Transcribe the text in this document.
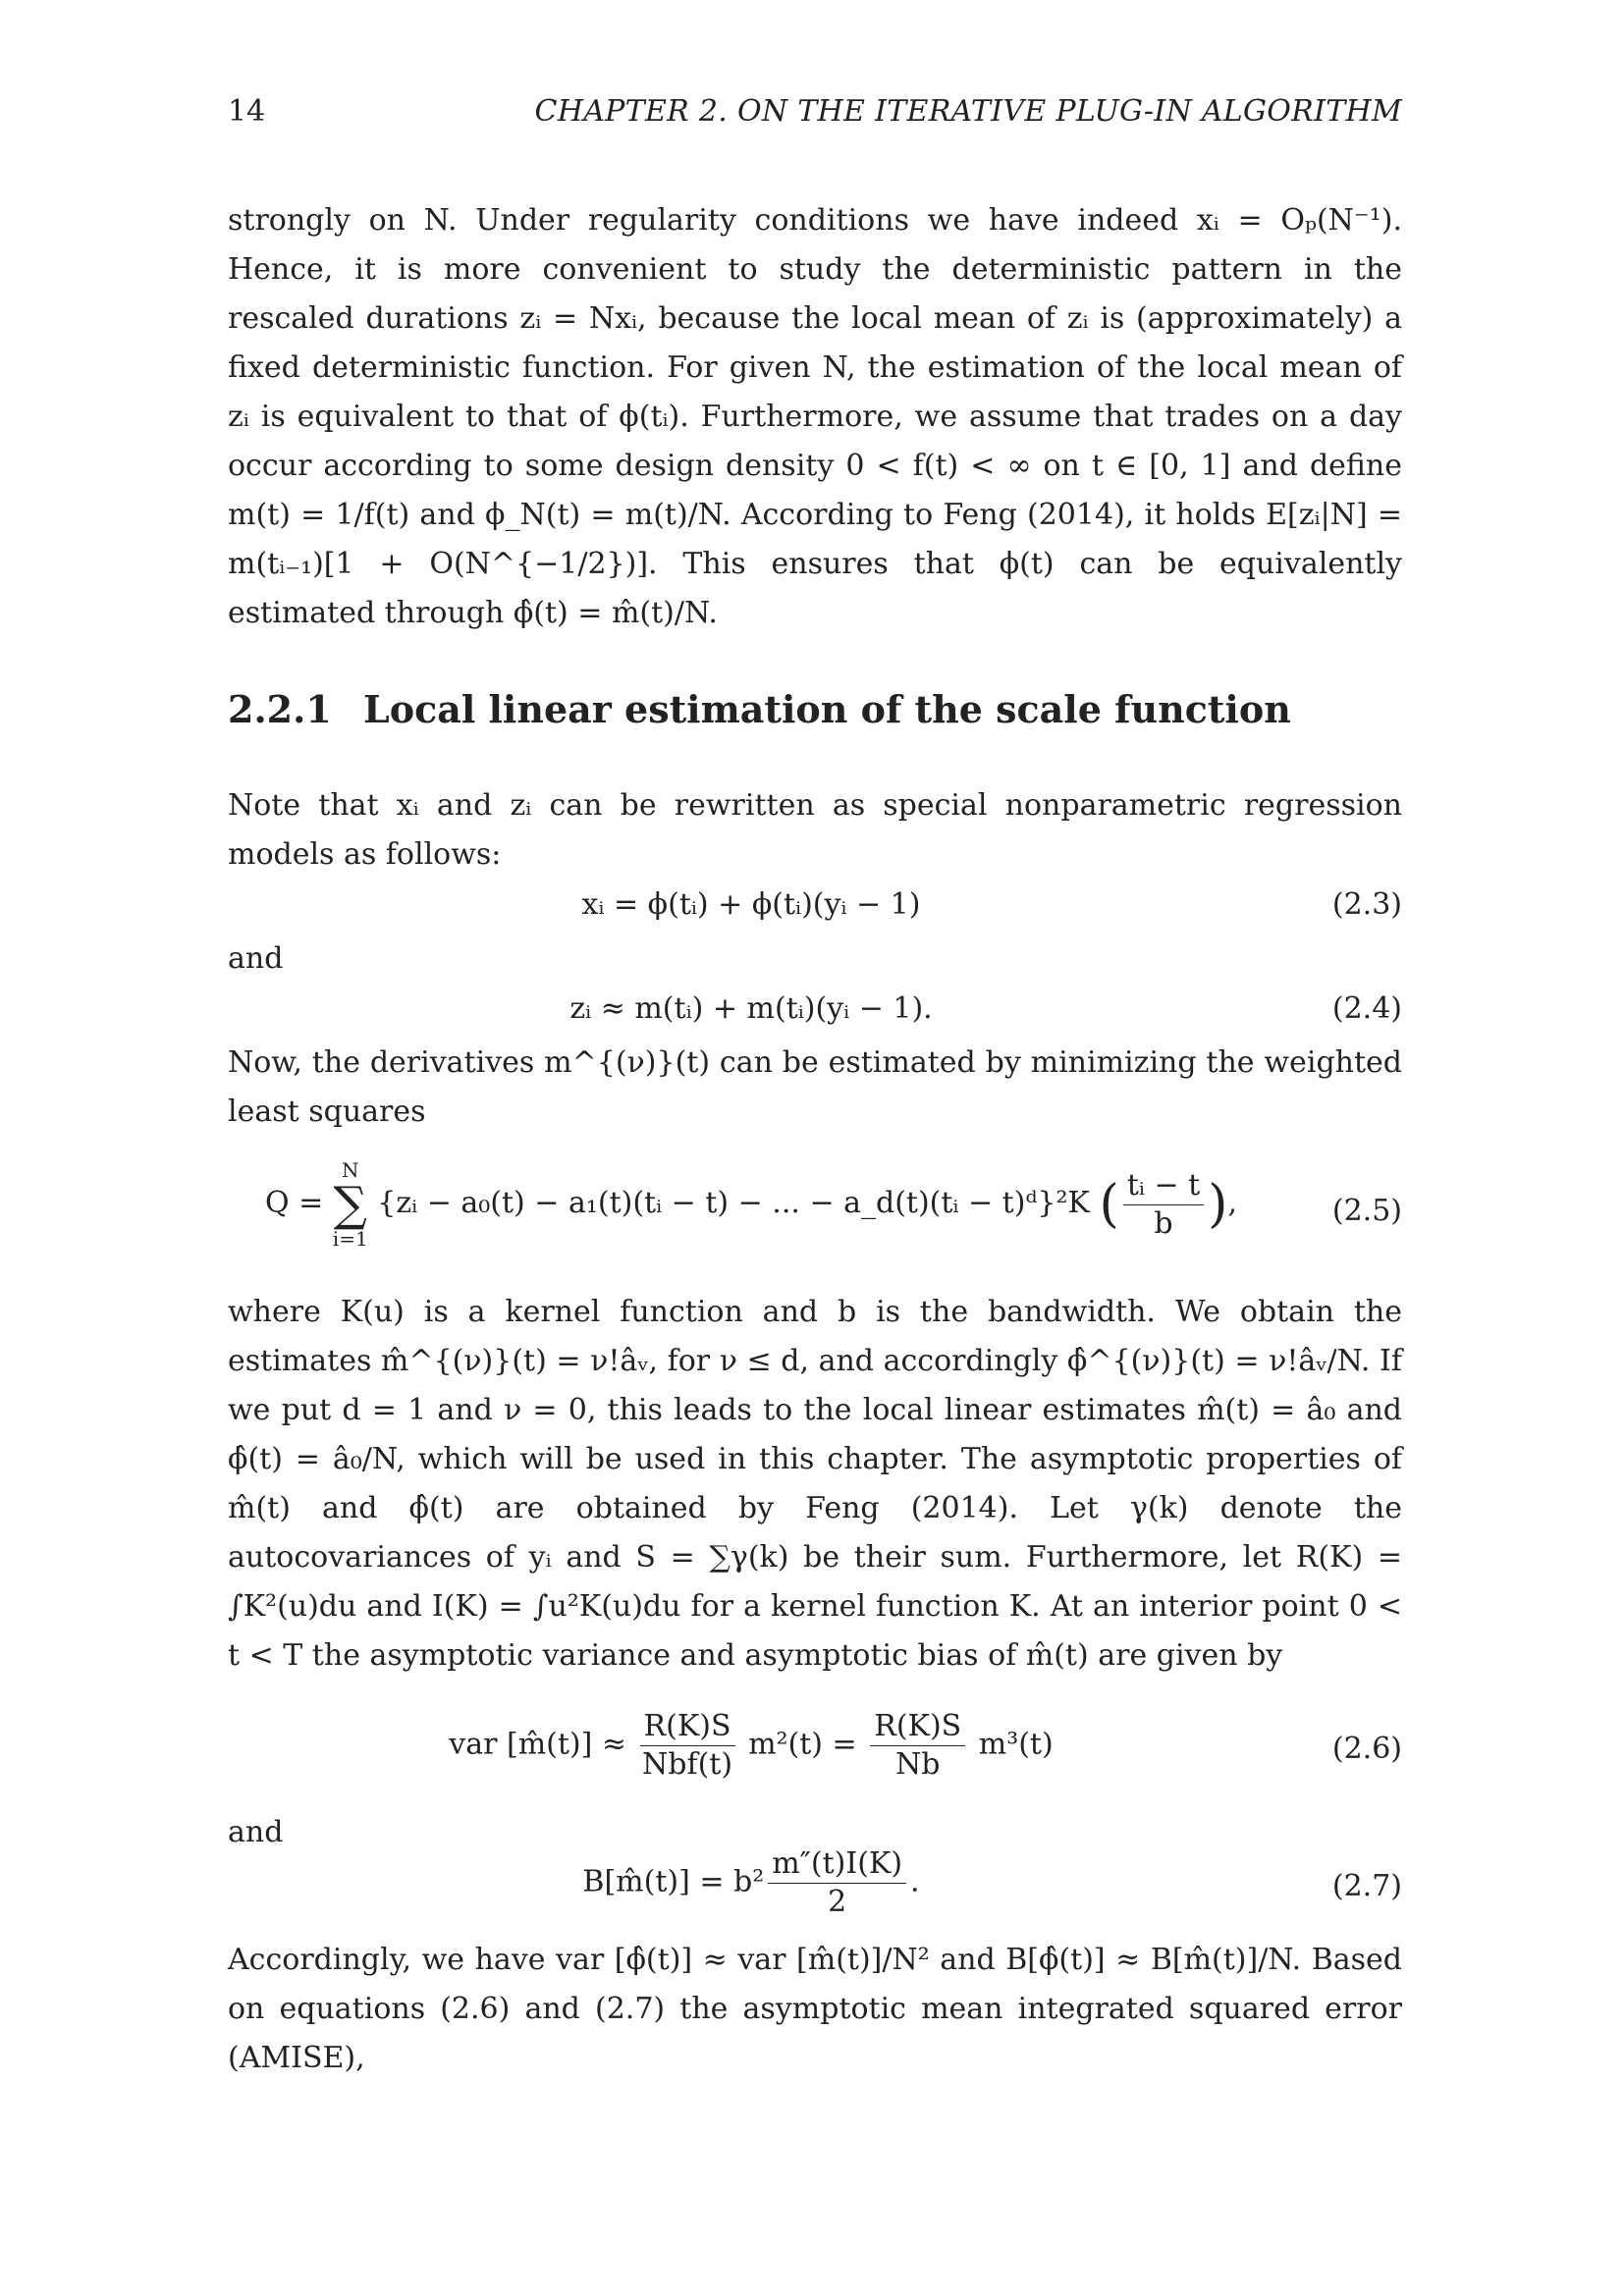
14	CHAPTER 2. ON THE ITERATIVE PLUG-IN ALGORITHM

strongly on N. Under regularity conditions we have indeed xᵢ = Oₚ(N⁻¹). Hence, it is more convenient to study the deterministic pattern in the rescaled durations zᵢ = Nxᵢ, because the local mean of zᵢ is (approximately) a fixed deterministic function. For given N, the estimation of the local mean of zᵢ is equivalent to that of ϕ(tᵢ). Furthermore, we assume that trades on a day occur according to some design density 0 < f(t) < ∞ on t ∈ [0, 1] and define m(t) = 1/f(t) and ϕ_N(t) = m(t)/N. According to Feng (2014), it holds E[zᵢ|N] = m(tᵢ₋₁)[1 + O(N^{−1/2})]. This ensures that ϕ(t) can be equivalently estimated through ϕ̂(t) = m̂(t)/N.

2.2.1 Local linear estimation of the scale function

Note that xᵢ and zᵢ can be rewritten as special nonparametric regression models as follows:

xᵢ = ϕ(tᵢ) + ϕ(tᵢ)(yᵢ − 1)	(2.3)

and

zᵢ ≈ m(tᵢ) + m(tᵢ)(yᵢ − 1).	(2.4)

Now, the derivatives m^{(ν)}(t) can be estimated by minimizing the weighted least squares

Q =
N
∑
i=1
{zᵢ − a₀(t) − a₁(t)(tᵢ − t) − ... − a_d(t)(tᵢ − t)ᵈ}²K ( $\frac{\text{tᵢ − t}}{b}$ ),	(2.5)

where K(u) is a kernel function and b is the bandwidth. We obtain the estimates m̂^{(ν)}(t) = ν!âᵥ, for ν ≤ d, and accordingly ϕ̂^{(ν)}(t) = ν!âᵥ/N. If we put d = 1 and ν = 0, this leads to the local linear estimates m̂(t) = â₀ and ϕ̂(t) = â₀/N, which will be used in this chapter. The asymptotic properties of m̂(t) and ϕ̂(t) are obtained by Feng (2014). Let γ(k) denote the autocovariances of yᵢ and S = ∑γ(k) be their sum. Furthermore, let R(K) = ∫K²(u)du and I(K) = ∫u²K(u)du for a kernel function K. At an interior point 0 < t < T the asymptotic variance and asymptotic bias of m̂(t) are given by

var [m̂(t)] ≈ $\frac{R(K)S}{\text{Nbf(t)}} m^2(t) = \frac{R(K)S}{Nb} m^3(t)$	(2.6)

and

B[m̂(t)] = $b^2 \frac{m''(t)I(K)}{2}$ .	(2.7)

Accordingly, we have var [ϕ̂(t)] ≈ var [m̂(t)]/N² and B[ϕ̂(t)] ≈ B[m̂(t)]/N. Based on equations (2.6) and (2.7) the asymptotic mean integrated squared error (AMISE),
